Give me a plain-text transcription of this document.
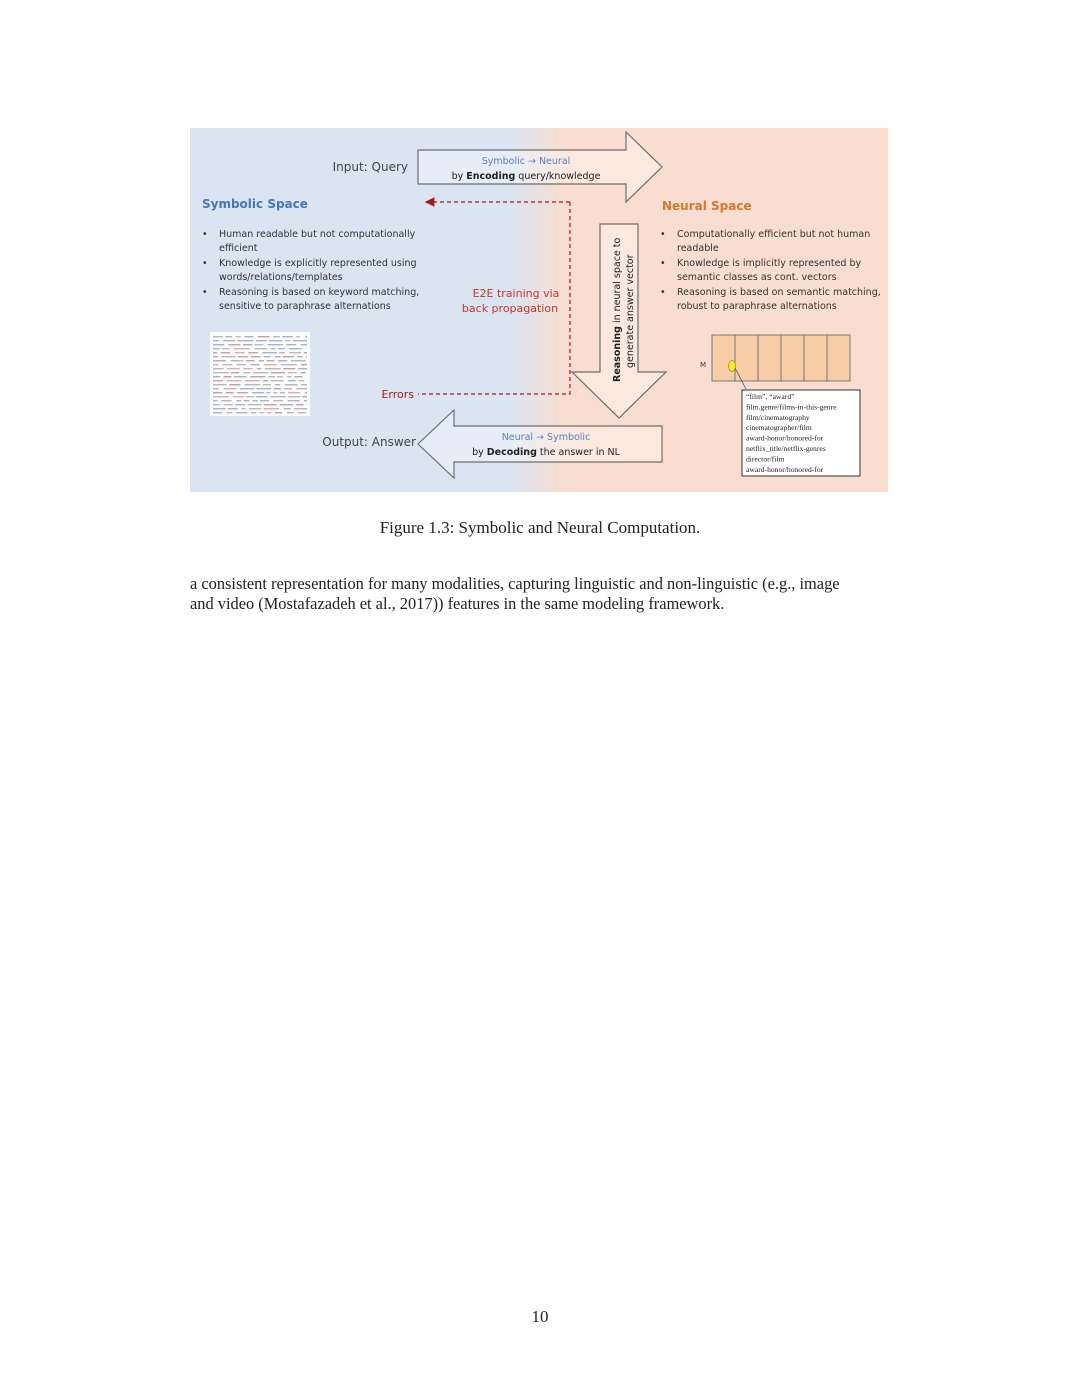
Input: Query	Symbolic → Neural
by Encoding query/knowledge
Symbolic Space
• Human readable but not computationally
efficient
• Knowledge is explicitly represented using
words/relations/templates
• Reasoning is based on keyword matching,
sensitive to paraphrase alternations
Neural Space
• Computationally efficient but not human
readable
• Knowledge is implicitly represented by
semantic classes as cont. vectors
• Reasoning is based on semantic matching,
robust to paraphrase alternations
E2E training via
back propagation
Errors
Reasoning in neural space to generate answer vector
Neural → Symbolic
by Decoding the answer in NL
Output: Answer
M
“film”, “award”
film.genre/films-in-this-genre
film/cinematography
cinematographer/film
award-honor/honored-for
netflix_title/netflix-genres
director/film
award-honor/honored-for
Figure 1.3: Symbolic and Neural Computation.

a consistent representation for many modalities, capturing linguistic and non-linguistic (e.g., image

and video (Mostafazadeh et al., 2017)) features in the same modeling framework.

10
